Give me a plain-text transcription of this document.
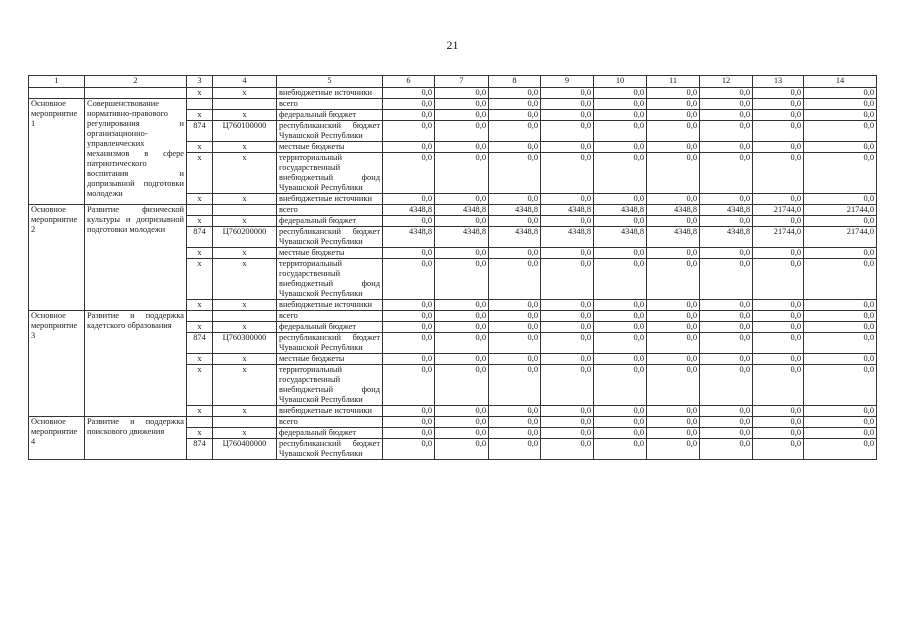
21
1	2	3	4	5	6	7	8	9	10	11	12	13	14
		х	х	внебюджетные источники	0,0	0,0	0,0	0,0	0,0	0,0	0,0	0,0	0,0
Основное мероприятие 1	Совершенствование нормативно-правового регулирования и организационно-управленческих механизмов в сфере патриотического воспитания и допризывной подготовки молодежи			всего	0,0	0,0	0,0	0,0	0,0	0,0	0,0	0,0	0,0
		х	х	федеральный бюджет	0,0	0,0	0,0	0,0	0,0	0,0	0,0	0,0	0,0
		874	Ц760100000	республиканский бюджет Чувашской Республики	0,0	0,0	0,0	0,0	0,0	0,0	0,0	0,0	0,0
		х	х	местные бюджеты	0,0	0,0	0,0	0,0	0,0	0,0	0,0	0,0	0,0
		х	х	территориальный государственный внебюджетный фонд Чувашской Республики	0,0	0,0	0,0	0,0	0,0	0,0	0,0	0,0	0,0
		х	х	внебюджетные источники	0,0	0,0	0,0	0,0	0,0	0,0	0,0	0,0	0,0
Основное мероприятие 2	Развитие физической культуры и допризывной подготовки молодежи			всего	4348,8	4348,8	4348,8	4348,8	4348,8	4348,8	4348,8	21744,0	21744,0
		х	х	федеральный бюджет	0,0	0,0	0,0	0,0	0,0	0,0	0,0	0,0	0,0
		874	Ц760200000	республиканский бюджет Чувашской Республики	4348,8	4348,8	4348,8	4348,8	4348,8	4348,8	4348,8	21744,0	21744,0
		х	х	местные бюджеты	0,0	0,0	0,0	0,0	0,0	0,0	0,0	0,0	0,0
		х	х	территориальный государственный внебюджетный фонд Чувашской Республики	0,0	0,0	0,0	0,0	0,0	0,0	0,0	0,0	0,0
		х	х	внебюджетные источники	0,0	0,0	0,0	0,0	0,0	0,0	0,0	0,0	0,0
Основное мероприятие 3	Развитие и поддержка кадетского образования			всего	0,0	0,0	0,0	0,0	0,0	0,0	0,0	0,0	0,0
		х	х	федеральный бюджет	0,0	0,0	0,0	0,0	0,0	0,0	0,0	0,0	0,0
		874	Ц760300000	республиканский бюджет Чувашской Республики	0,0	0,0	0,0	0,0	0,0	0,0	0,0	0,0	0,0
		х	х	местные бюджеты	0,0	0,0	0,0	0,0	0,0	0,0	0,0	0,0	0,0
		х	х	территориальный государственный внебюджетный фонд Чувашской Республики	0,0	0,0	0,0	0,0	0,0	0,0	0,0	0,0	0,0
		х	х	внебюджетные источники	0,0	0,0	0,0	0,0	0,0	0,0	0,0	0,0	0,0
Основное мероприятие 4	Развитие и поддержка поискового движения			всего	0,0	0,0	0,0	0,0	0,0	0,0	0,0	0,0	0,0
		х	х	федеральный бюджет	0,0	0,0	0,0	0,0	0,0	0,0	0,0	0,0	0,0
		874	Ц760400000	республиканский бюджет Чувашской Республики	0,0	0,0	0,0	0,0	0,0	0,0	0,0	0,0	0,0
